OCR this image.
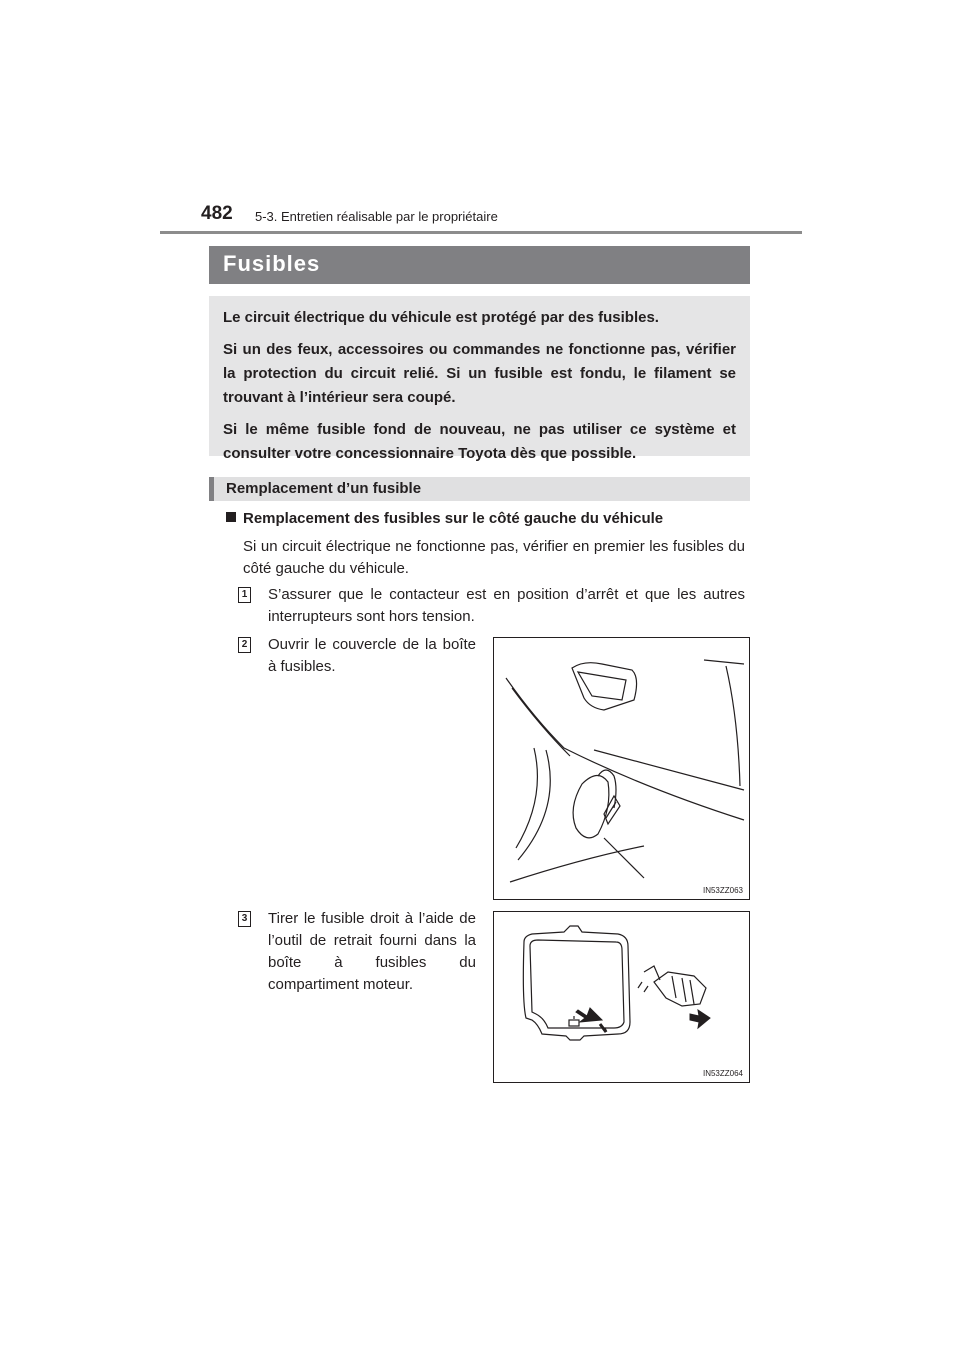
482 5-3. Entretien réalisable par le propriétaire
Fusibles

Le circuit électrique du véhicule est protégé par des fusibles.

Si un des feux, accessoires ou commandes ne fonctionne pas, vérifier la protection du circuit relié. Si un fusible est fondu, le filament se trouvant à l’intérieur sera coupé.

Si le même fusible fond de nouveau, ne pas utiliser ce système et consulter votre concessionnaire Toyota dès que possible.

Remplacement d’un fusible
Remplacement des fusibles sur le côté gauche du véhicule
Si un circuit électrique ne fonctionne pas, vérifier en premier les fusibles du côté gauche du véhicule.
1 S’assurer que le contacteur est en position d’arrêt et que les autres interrupteurs sont hors tension.
2 Ouvrir le couvercle de la boîte à fusibles.
IN53ZZ063
3 Tirer le fusible droit à l’aide de l’outil de retrait fourni dans la boîte à fusibles du compartiment moteur.
IN53ZZ064
